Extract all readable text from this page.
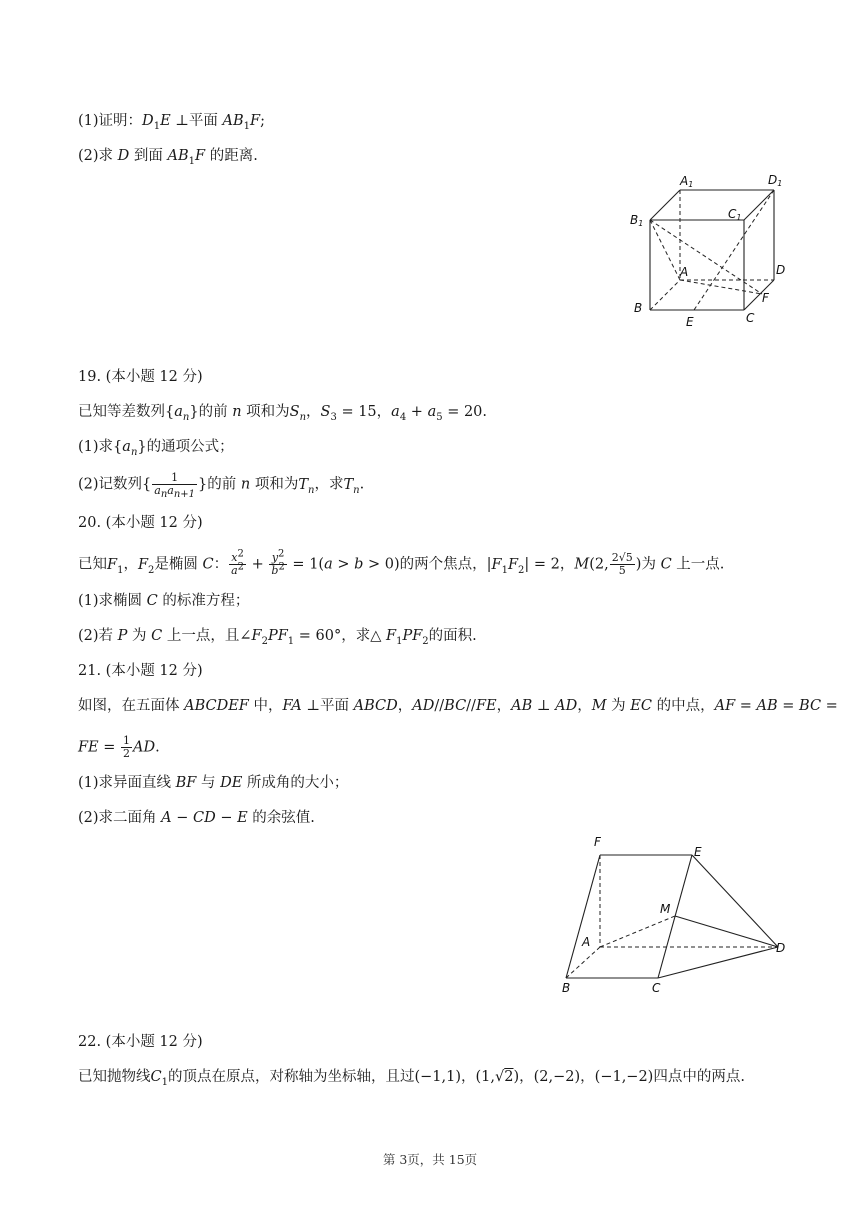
(1)证明：$D_1E$ ⊥平面 $AB_1F$;
(2)求 D 到面 $AB_1F$ 的距离.
A1	D1
B1
C1
A	D
F
B
C
E
19. (本小题 12 分)
已知等差数列$\{a_n\}$的前 n 项和为$S_n$，$S_3 = 15$，$a_4 + a_5 = 20$.
(1)求$\{a_n\}$的通项公式；
(2)记数列{ $\frac{1}{a_na_{n+1}}$ }的前 n 项和为$T_n$，求$T_n$.
20. (本小题 12 分)
已知$F_1$，$F_2$是椭圆 C： $\frac{x^2}{a^2} + \frac{y^2}{b^2} = 1(a > b > 0)$的两个焦点，$|F_1F_2| = 2$，M(2, $\frac{2√5}{5}$ )为 C 上一点.
(1)求椭圆 C 的标准方程；
(2)若 P 为 C 上一点，且$\angle F_2PF_1 = 60^\circ$，求△ $F_1PF_2$的面积.
21. (本小题 12 分)
如图，在五面体 ABCDEF 中，FA ⊥平面 ABCD，AD//BC//FE，AB ⊥ AD，M 为 EC 的中点，AF = AB = BC =
FE = $\frac{1}{2}$ AD.
(1)求异面直线 BF 与 DE 所成角的大小；
(2)求二面角 A − CD − E 的余弦值.
F
E
M
A	D
B	C
22. (本小题 12 分)
已知抛物线$C_1$的顶点在原点，对称轴为坐标轴，且过(−1,1)，(1,√2)，(2,−2)，(−1,−2)四点中的两点.
第 3页，共 15页
